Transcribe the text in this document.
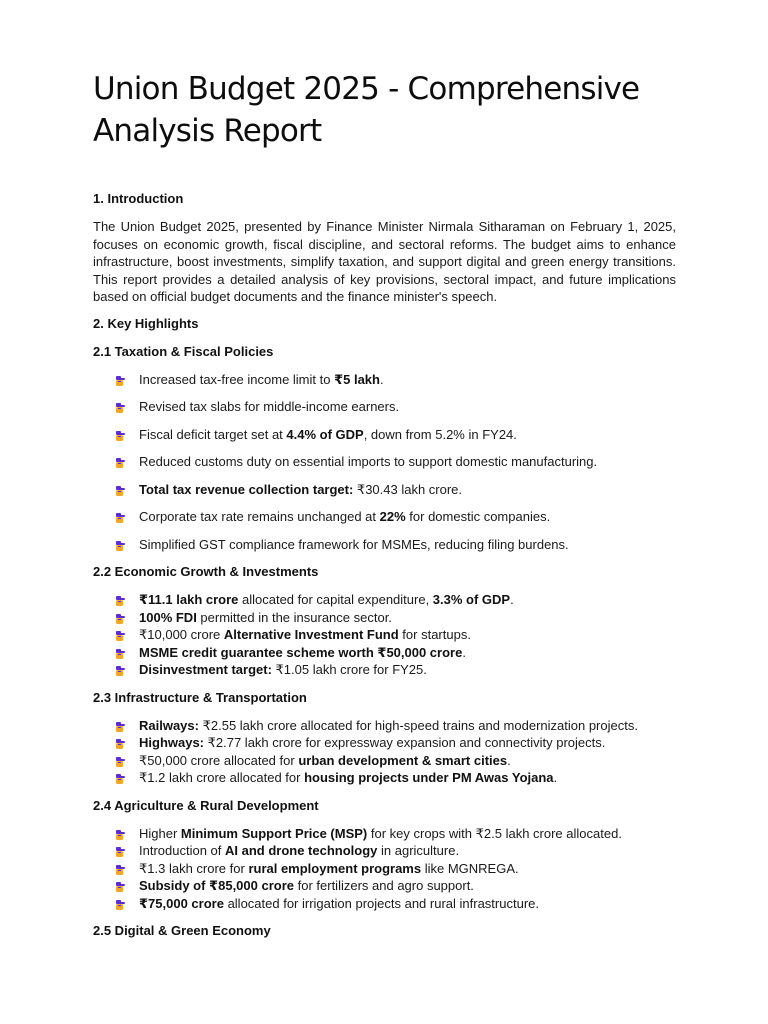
Union Budget 2025 - Comprehensive Analysis Report
1. Introduction

The Union Budget 2025, presented by Finance Minister Nirmala Sitharaman on February 1, 2025, focuses on economic growth, fiscal discipline, and sectoral reforms. The budget aims to enhance infrastructure, boost investments, simplify taxation, and support digital and green energy transitions. This report provides a detailed analysis of key provisions, sectoral impact, and future implications based on official budget documents and the finance minister's speech.

2. Key Highlights
2.1 Taxation & Fiscal Policies
Increased tax-free income limit to ₹5 lakh.
Revised tax slabs for middle-income earners.
Fiscal deficit target set at 4.4% of GDP, down from 5.2% in FY24.
Reduced customs duty on essential imports to support domestic manufacturing.
Total tax revenue collection target: ₹30.43 lakh crore.
Corporate tax rate remains unchanged at 22% for domestic companies.
Simplified GST compliance framework for MSMEs, reducing filing burdens.
2.2 Economic Growth & Investments
₹11.1 lakh crore allocated for capital expenditure, 3.3% of GDP.
100% FDI permitted in the insurance sector.
₹10,000 crore Alternative Investment Fund for startups.
MSME credit guarantee scheme worth ₹50,000 crore.
Disinvestment target: ₹1.05 lakh crore for FY25.
2.3 Infrastructure & Transportation
Railways: ₹2.55 lakh crore allocated for high-speed trains and modernization projects.
Highways: ₹2.77 lakh crore for expressway expansion and connectivity projects.
₹50,000 crore allocated for urban development & smart cities.
₹1.2 lakh crore allocated for housing projects under PM Awas Yojana.
2.4 Agriculture & Rural Development
Higher Minimum Support Price (MSP) for key crops with ₹2.5 lakh crore allocated.
Introduction of AI and drone technology in agriculture.
₹1.3 lakh crore for rural employment programs like MGNREGA.
Subsidy of ₹85,000 crore for fertilizers and agro support.
₹75,000 crore allocated for irrigation projects and rural infrastructure.
2.5 Digital & Green Economy
